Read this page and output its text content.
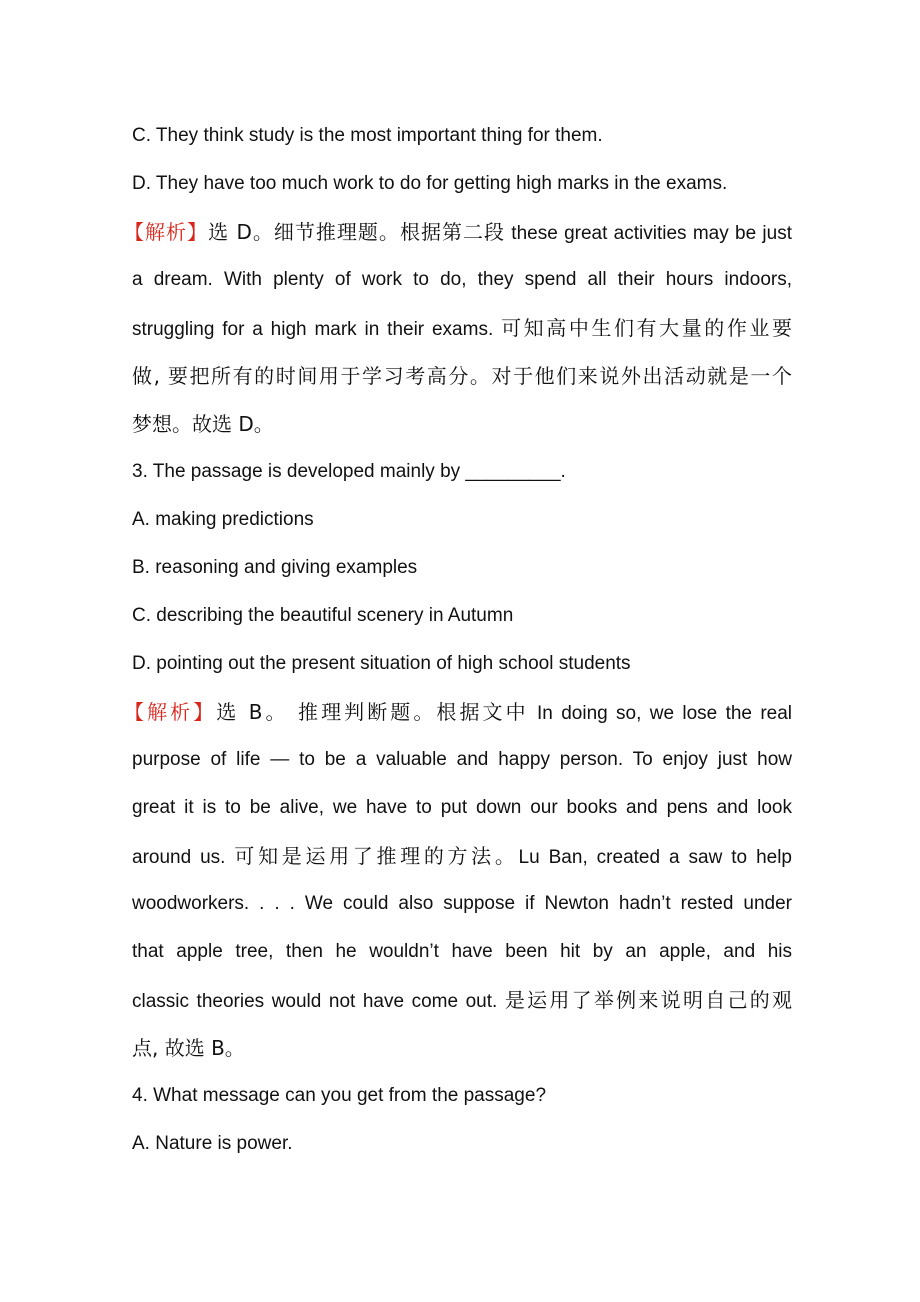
C. They think study is the most important thing for them.
D. They have too much work to do for getting high marks in the exams.
【解析】选 D。细节推理题。根据第二段 these great activities may be just
a dream. With plenty of work to do, they spend all their hours indoors,
struggling for a high mark in their exams. 可知高中生们有大量的作业要
做, 要把所有的时间用于学习考高分。对于他们来说外出活动就是一个
梦想。故选 D。
3. The passage is developed mainly by _________.
A. making predictions
B. reasoning and giving examples
C. describing the beautiful scenery in Autumn
D. pointing out the present situation of high school students
【解析】选 B。 推理判断题。根据文中 In doing so, we lose the real
purpose of life — to be a valuable and happy person. To enjoy just how
great it is to be alive, we have to put down our books and pens and look
around us. 可知是运用了推理的方法。Lu Ban, created a saw to help
woodworkers. . . . We could also suppose if Newton hadn’t rested under
that apple tree, then he wouldn’t have been hit by an apple, and his
classic theories would not have come out. 是运用了举例来说明自己的观
点, 故选 B。
4. What message can you get from the passage?
A. Nature is power.
